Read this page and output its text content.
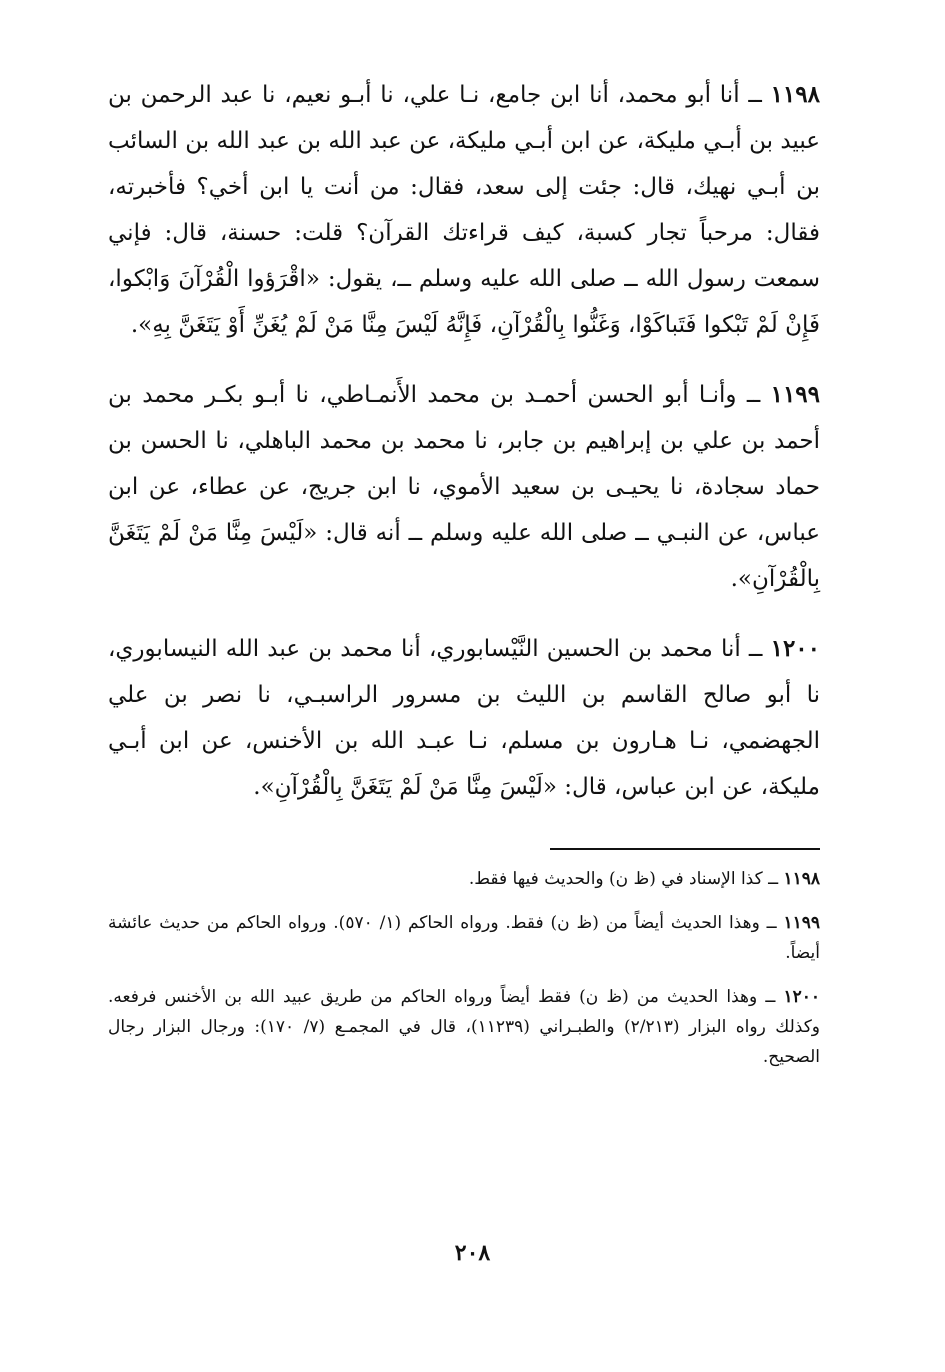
١١٩٨ ــ أنا أبو محمد، أنا ابن جامع، نـا علي، نا أبـو نعيم، نا عبد الرحمن بن عبيد بن أبـي مليكة، عن ابن أبـي مليكة، عن عبد الله بن عبد الله بن السائب بن أبـي نهيك، قال: جئت إلى سعد، فقال: من أنت يا ابن أخي؟ فأخبرته، فقال: مرحباً تجار كسبة، كيف قراءتك القرآن؟ قلت: حسنة، قال: فإني سمعت رسول الله ــ صلى الله عليه وسلم ــ، يقول: «اقْرَؤوا الْقُرْآنَ وَابْكوا، فَإِنْ لَمْ تَبْكوا فَتَباكَوْا، وَغَنُّوا بِالْقُرْآنِ، فَإِنَّهُ لَيْسَ مِنَّا مَنْ لَمْ يُغَنِّ أَوْ يَتَغَنَّ بِهِ».

١١٩٩ ــ وأنـا أبو الحسن أحمـد بن محمد الأَنمـاطي، نا أبـو بكـر محمد بن أحمد بن علي بن إبراهيم بن جابر، نا محمد بن محمد الباهلي، نا الحسن بن حماد سجادة، نا يحيـى بن سعيد الأموي، نا ابن جريج، عن عطاء، عن ابن عباس، عن النبـي ــ صلى الله عليه وسلم ــ أنه قال: «لَيْسَ مِنَّا مَنْ لَمْ يَتَغَنَّ بِالْقُرْآنِ».

١٢٠٠ ــ أنا محمد بن الحسين النَّيْسابوري، أنا محمد بن عبد الله النيسابوري، نا أبو صالح القاسم بن الليث بن مسرور الراسبـي، نا نصر بن علي الجهضمي، نـا هـارون بن مسلم، نـا عبـد الله بن الأخنس، عن ابن أبـي مليكة، عن ابن عباس، قال: «لَيْسَ مِنَّا مَنْ لَمْ يَتَغَنَّ بِالْقُرْآنِ».

١١٩٨ ــ كذا الإسناد في (ظ ن) والحديث فيها فقط.

١١٩٩ ــ وهذا الحديث أيضاً من (ظ ن) فقط. ورواه الحاكم (١/ ٥٧٠). ورواه الحاكم من حديث عائشة أيضاً.

١٢٠٠ ــ وهذا الحديث من (ظ ن) فقط أيضاً ورواه الحاكم من طريق عبيد الله بن الأخنس فرفعه. وكذلك رواه البزار (٢/٢١٣) والطبـراني (١١٢٣٩)، قال في المجمـع (٧/ ١٧٠): ورجال البزار رجال الصحيح.

٢٠٨
